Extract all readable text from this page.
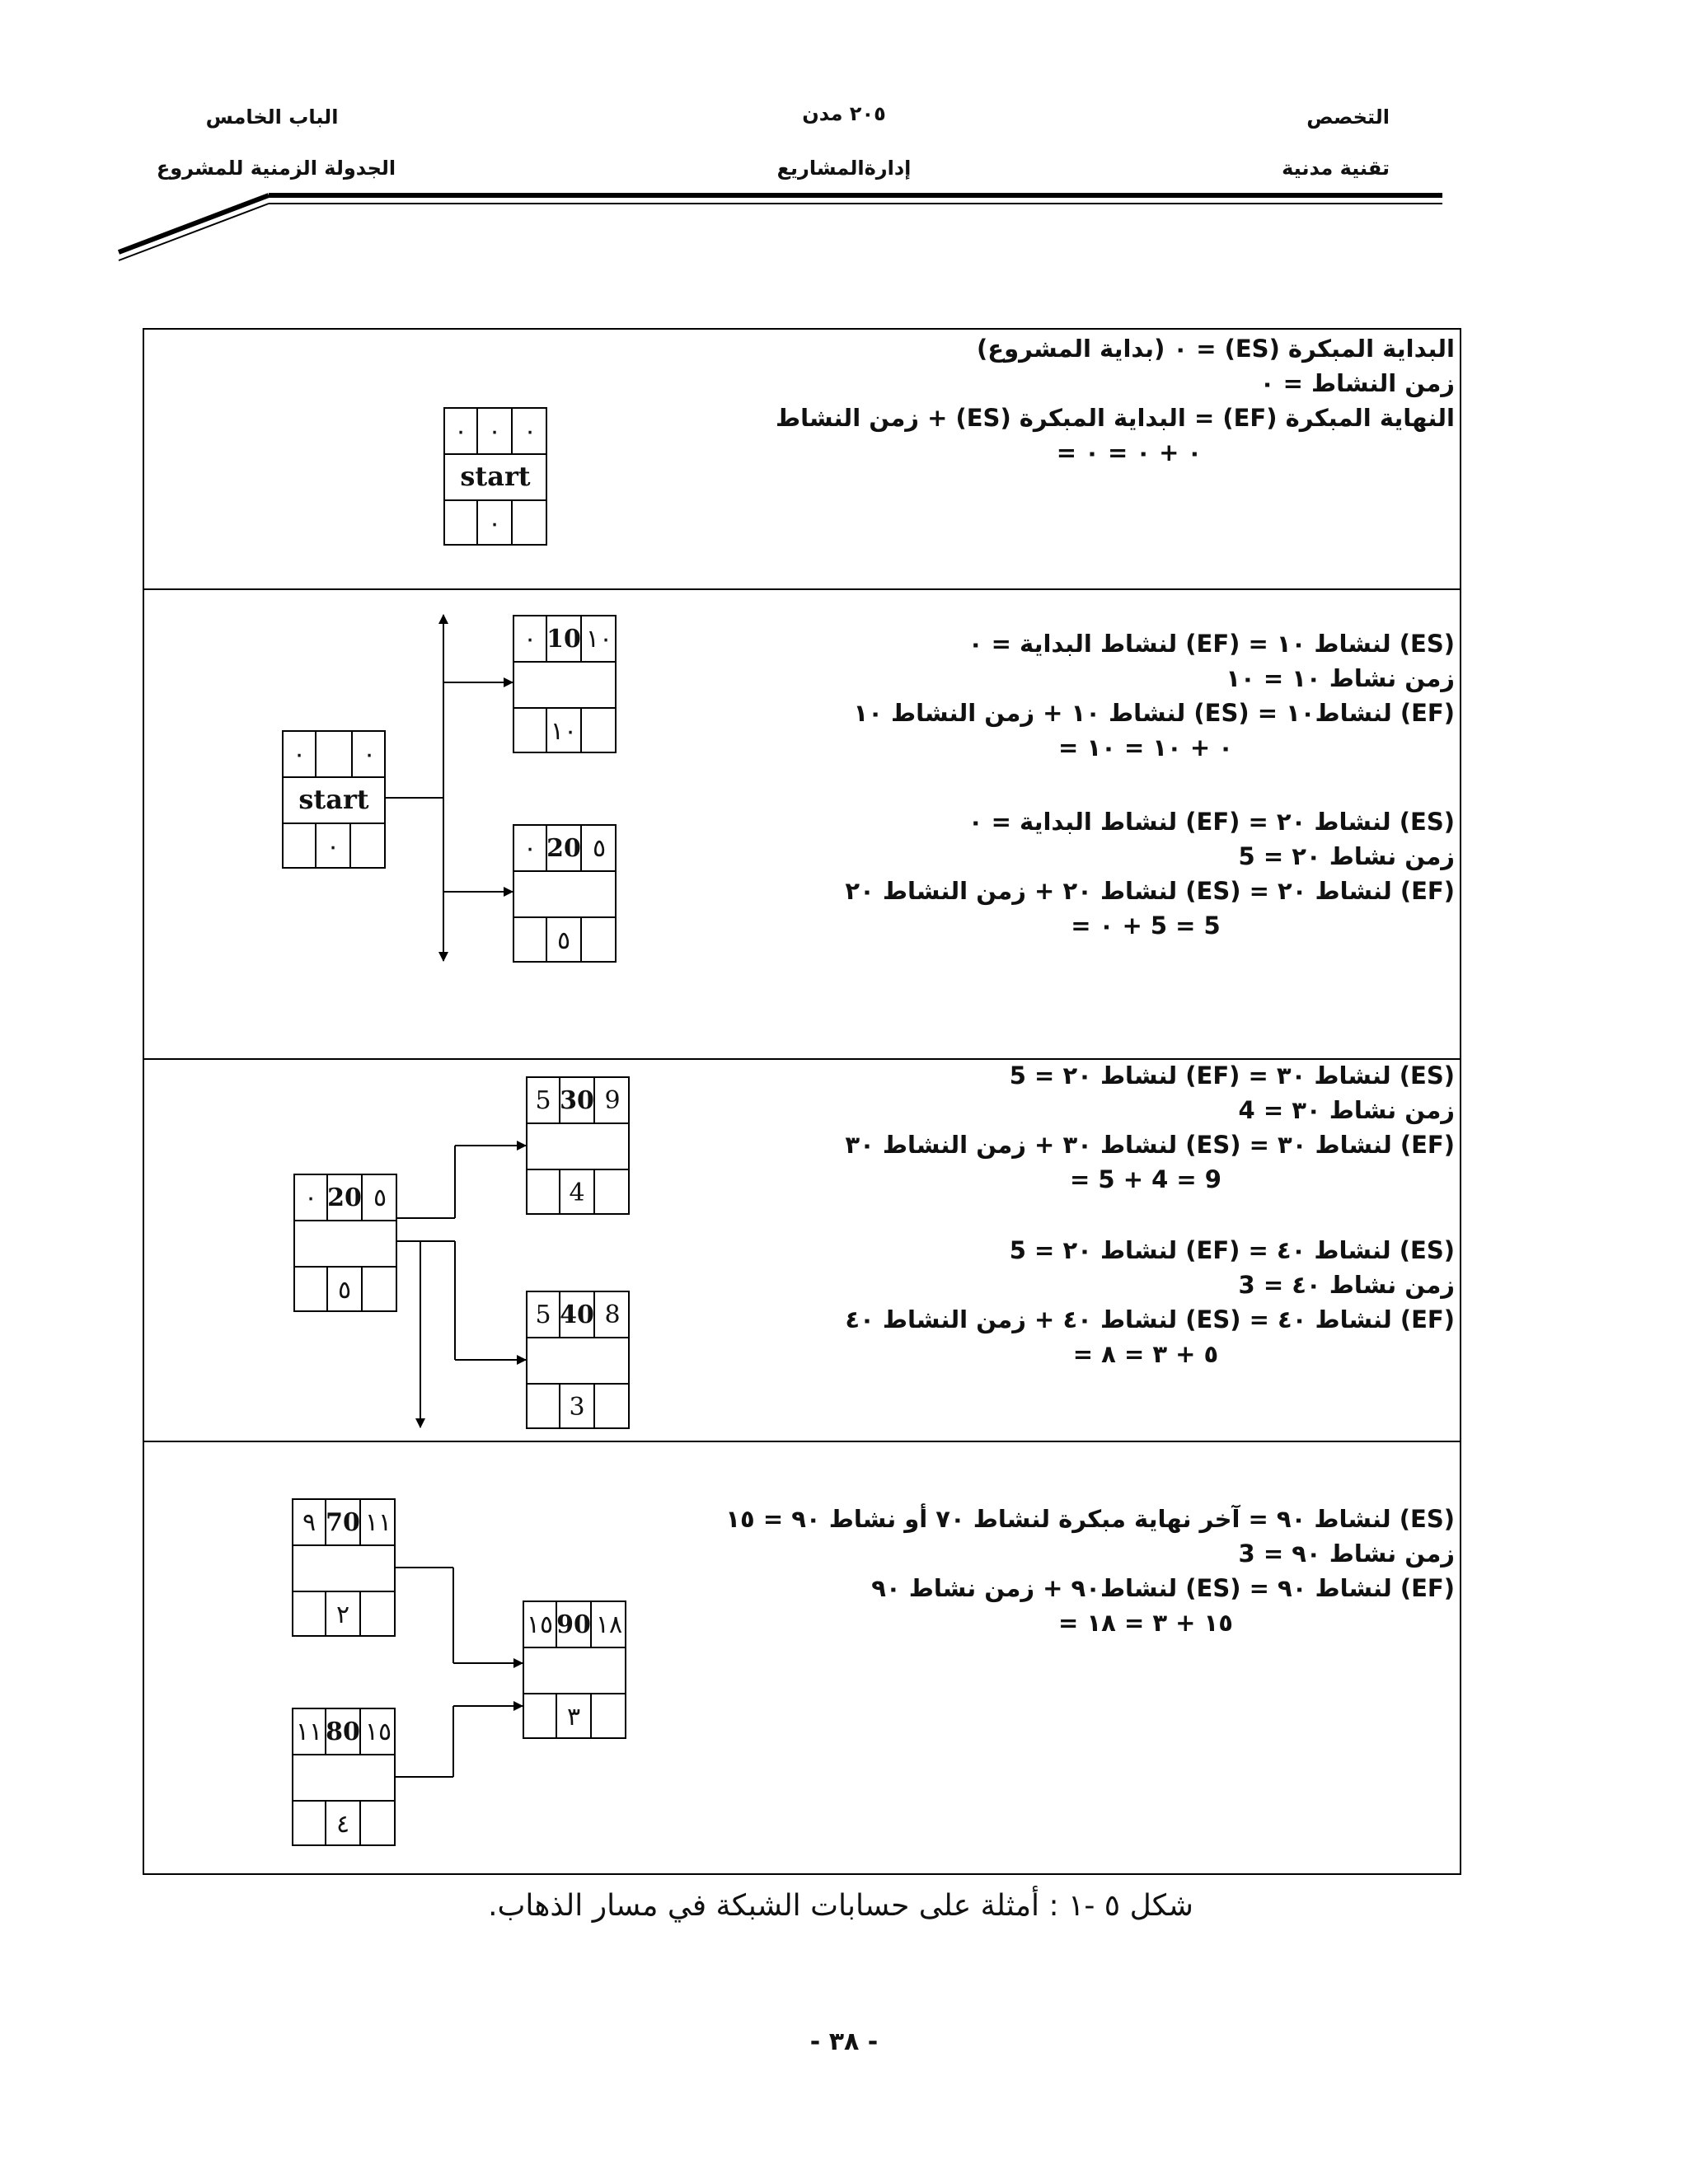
التخصص
تقنية مدنية
٢٠٥ مدن
إدارةالمشاريع
الباب الخامس
الجدولة الزمنية للمشروع
البداية المبكرة (ES) = ٠ (بداية المشروع)
زمن النشاط = ٠
النهاية المبكرة (EF) = البداية المبكرة (ES) + زمن النشاط
= ٠ + ٠ = ٠
(ES) لنشاط ١٠ = (EF) لنشاط البداية = ٠
زمن نشاط ١٠ = ١٠
(EF) لنشاط١٠ = (ES) لنشاط ١٠ + زمن النشاط ١٠
= ٠ + ١٠ = ١٠
(ES) لنشاط ٢٠ = (EF) لنشاط البداية = ٠
زمن نشاط ٢٠ = 5
(EF) لنشاط ٢٠ = (ES) لنشاط ٢٠ + زمن النشاط ٢٠
= ٠ + 5 = 5
(ES) لنشاط ٣٠ = (EF) لنشاط ٢٠ = 5
زمن نشاط ٣٠ = 4
(EF) لنشاط ٣٠ = (ES) لنشاط ٣٠ + زمن النشاط ٣٠
= 5 + 4 = 9
(ES) لنشاط ٤٠ = (EF) لنشاط ٢٠ = 5
زمن نشاط ٤٠ = 3
(EF) لنشاط ٤٠ = (ES) لنشاط ٤٠ + زمن النشاط ٤٠
= ٥ + ٣ = ٨
(ES) لنشاط ٩٠ = آخر نهاية مبكرة لنشاط ٧٠ أو نشاط ٩٠ = ١٥
زمن نشاط ٩٠ = 3
(EF) لنشاط ٩٠ = (ES) لنشاط٩٠ + زمن نشاط ٩٠
= ١٥ + ٣ = ١٨
٠ ٠ ٠
start
٠
٠	٠
start
٠
٠ 10 ١٠
١٠
٠ 20 ٥
٥
٠ 20 ٥
٥
5 30 9
4
5 40 8
3
٩ 70 ١١
٢
١١ 80 ١٥
٤
١٥ 90 ١٨
٣
شكل ٥ -١ : أمثلة على حسابات الشبكة في مسار الذهاب.
- ٣٨ -
